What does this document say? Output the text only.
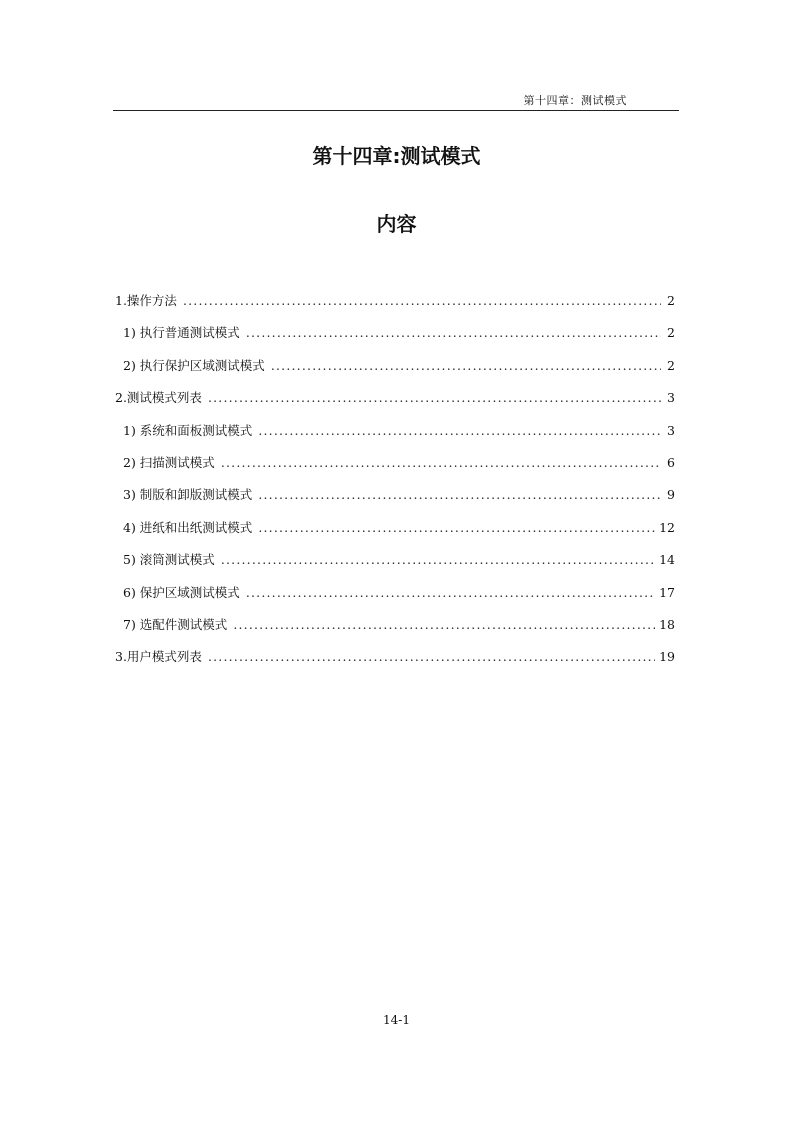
第十四章：测试模式
第十四章:测试模式
内容
1.操作方法 .....	2
1) 执行普通测试模式 .....	2
2) 执行保护区域测试模式 .....	2
2.测试模式列表 .....	3
1) 系统和面板测试模式 .....	3
2) 扫描测试模式 .....	6
3) 制版和卸版测试模式 .....	9
4) 进纸和出纸测试模式 .....	12
5) 滚筒测试模式 .....	14
6) 保护区域测试模式 .....	17
7) 选配件测试模式 .....	18
3.用户模式列表 .....	19
14-1
